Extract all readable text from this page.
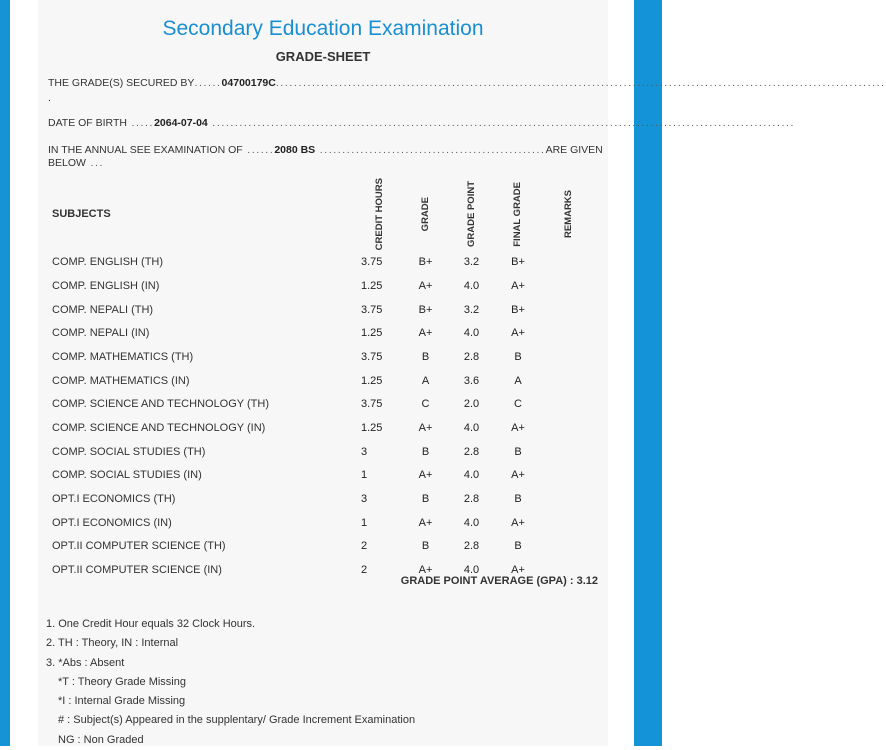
Secondary Education Examination
GRADE-SHEET
THE GRADE(S) SECURED BY......04700179C.......................................................................................................................................
.
DATE OF BIRTH .....2064-07-04 .................................................................................................................................
IN THE ANNUAL SEE EXAMINATION OF ......2080 BS ..................................................ARE GIVEN
BELOW ...
SUBJECTS	CREDIT HOURS	GRADE	GRADE POINT	FINAL GRADE	REMARKS

COMP. ENGLISH (TH)	3.75	B+	3.2	B+	
COMP. ENGLISH (IN)	1.25	A+	4.0	A+	
COMP. NEPALI (TH)	3.75	B+	3.2	B+	
COMP. NEPALI (IN)	1.25	A+	4.0	A+	
COMP. MATHEMATICS (TH)	3.75	B	2.8	B	
COMP. MATHEMATICS (IN)	1.25	A	3.6	A	
COMP. SCIENCE AND TECHNOLOGY (TH)	3.75	C	2.0	C	
COMP. SCIENCE AND TECHNOLOGY (IN)	1.25	A+	4.0	A+	
COMP. SOCIAL STUDIES (TH)	3	B	2.8	B	
COMP. SOCIAL STUDIES (IN)	1	A+	4.0	A+	
OPT.I ECONOMICS (TH)	3	B	2.8	B	
OPT.I ECONOMICS (IN)	1	A+	4.0	A+	
OPT.II COMPUTER SCIENCE (TH)	2	B	2.8	B	
OPT.II COMPUTER SCIENCE (IN)	2	A+	4.0	A+	
GRADE POINT AVERAGE (GPA) : 3.12
1. One Credit Hour equals 32 Clock Hours.
2. TH : Theory, IN : Internal
3. *Abs : Absent
*T : Theory Grade Missing
*I : Internal Grade Missing
# : Subject(s) Appeared in the supplentary/ Grade Increment Examination
NG : Non Graded
